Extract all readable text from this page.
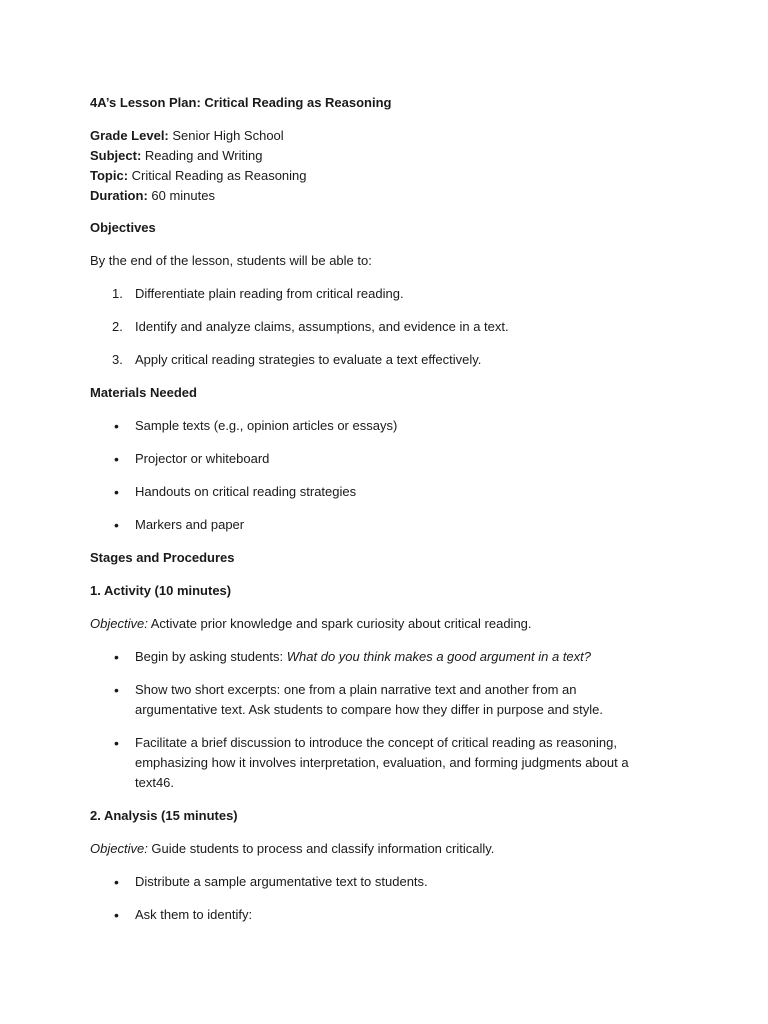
4A’s Lesson Plan: Critical Reading as Reasoning
Grade Level: Senior High School
Subject: Reading and Writing
Topic: Critical Reading as Reasoning
Duration: 60 minutes
Objectives
By the end of the lesson, students will be able to:
1. Differentiate plain reading from critical reading.
2. Identify and analyze claims, assumptions, and evidence in a text.
3. Apply critical reading strategies to evaluate a text effectively.
Materials Needed
• Sample texts (e.g., opinion articles or essays)
• Projector or whiteboard
• Handouts on critical reading strategies
• Markers and paper
Stages and Procedures
1. Activity (10 minutes)
Objective: Activate prior knowledge and spark curiosity about critical reading.
• Begin by asking students: What do you think makes a good argument in a text?
• Show two short excerpts: one from a plain narrative text and another from an argumentative text. Ask students to compare how they differ in purpose and style.
• Facilitate a brief discussion to introduce the concept of critical reading as reasoning, emphasizing how it involves interpretation, evaluation, and forming judgments about a text46.
2. Analysis (15 minutes)
Objective: Guide students to process and classify information critically.
• Distribute a sample argumentative text to students.
• Ask them to identify:
